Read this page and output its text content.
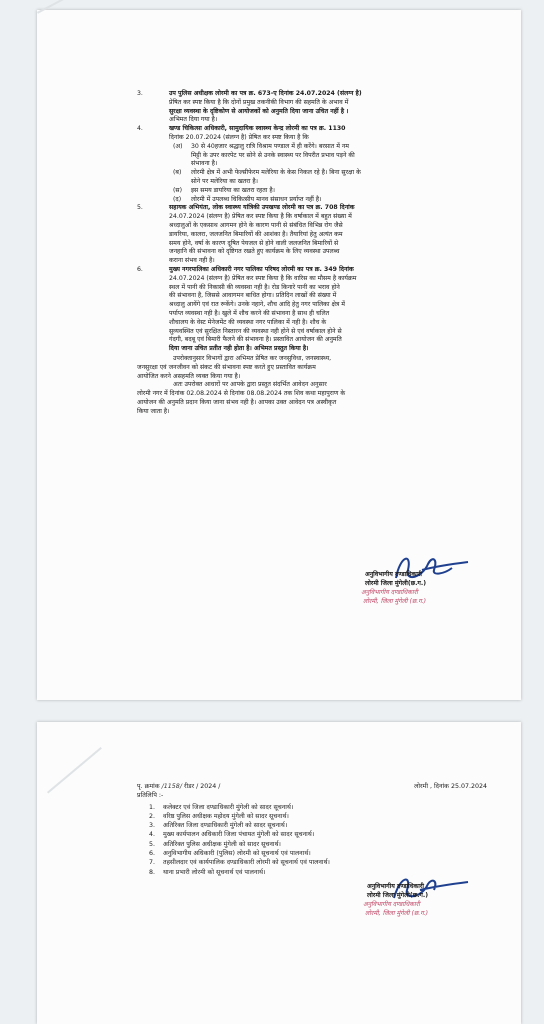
3.	उप पुलिस अधीक्षक लोरमी का पत्र क्र. 673-ए दिनांक 24.07.2024 (संलग्न है)
प्रेषित कर स्पष्ट किया है कि दोनों प्रमुख तकनीकी विभाग की सहमति के अभाव में
सुरक्षा व्यवस्था के दृष्टिकोण से आयोजकों को अनुमति दिया जाना उचित नहीं है ।
अभिमत दिया गया है।
4.	खण्ड चिकित्सा अधिकारी, सामुदायिक स्वास्थ्य केन्द्र लोरमी का पत्र क्र. 1130
दिनांक 20.07.2024 (संलग्न है) प्रेषित कर स्पष्ट किया है कि
(अ) 30 से 40हजार श्रद्धालु रात्रि विश्राम पण्डाल में ही करेंगे। बरसात में नम
मिट्टी के उपर कारपेट पर सोने से उनके स्वास्थ्य पर विपरीत प्रभाव पड़ने की
संभावना है।
(ब) लोरमी क्षेत्र में अभी फेल्सीफेरम मलेरिया के केस निकल रहे है। बिना सुरक्षा के
सोने पर मलेरिया का खतरा है।
(स) इस समय डायरिया का खतरा रहता है।
(द) लोरमी में उपलब्ध चिकित्सीय मानव संसाधन प्रर्याप्त नहीं है।
5.	सहायक अभियंता, लोक स्वास्थ्य यांत्रिकी उपखण्ड लोरमी का पत्र क्र. 708 दिनांक
24.07.2024 (संलग्न है) प्रेषित कर स्पष्ट किया है कि वर्षाकाल में बहुत संख्या में
श्रध्दालुओं के एकसाथ आगमन होने के कारण पानी से संबंधित विभिन्न रोग जैसे
डायरिया, कालरा, जलजनित बिमारियों की आशंका है। तैयारियां हेतु अत्यंत कम
समय होने, वर्षा के कारण दूषित पेयजल से होने वाली जलजनित बिमारियों से
जनहानि की संभावना को दृष्टिगत रखते हुए कार्यक्रम के लिए व्यवस्था उपलब्ध
कराना संभव नही है।
6.	मुख्य नगरपालिका अधिकारी नगर पालिका परिषद लोरमी का पत्र क्र. 349 दिनांक
24.07.2024 (संलग्न है) प्रेषित कर स्पष्ट किया है कि वारिस का मौसम है कार्यक्रम
स्थल में पानी की निकासी की व्यवस्था नही है। रोड किनारे पानी का भराव होने
की संभावना है, जिससे आवागमन बाधित होगा। प्रतिदिन लाखों की संख्या में
श्रध्दालु आयेंगे एवं रात रूकेंगे। उनके नहाने, शौच आदि हेतु नगर पालिका क्षेत्र में
पर्याप्त व्यवस्था नही है। खुले में शौच करने की संभावना है साथ ही चलित
शौचालय के वेस्ट मेनेजमेंट की व्यवस्था नगर पालिका में नही है। शौच के
सुव्यवस्थित एवं सुरक्षित निस्तारन की व्यवस्था नही होने से एवं वर्षाकाल होने से
गंदगी, बदबू एवं बिमारी फैलने की संभावना है। प्रस्तावित आयोजन की अनुमति
दिया जाना उचित प्रतीत नही होता है। अभिमत प्रस्तुत किया है।
उपरोक्तानुसार विभागों द्वारा अभिमत प्रेषित कर जनसुविधा, जनस्वास्थ्य,
जनसुरक्षा एवं जनजीवन को संकट की संभावना स्पष्ट करते हुए प्रस्तावित कार्यक्रम
आयोजित करने असहमति व्यक्त किया गया है।
अतः उपरोक्त आधारों पर आपके द्वारा प्रस्तुत संदर्भित आवेदन अनुसार
लोरमी नगर में दिनांक 02.08.2024 से दिनांक 08.08.2024 तक शिव कथा महापुराण के
आयोजन की अनुमति प्रदान किया जाना संभव नही है। आपका उक्त आवेदन पत्र अस्वीकृत
किया जाता है।
अनुविभागीय दण्डाधिकारी
लोरमी जिला मुंगेली(छ.ग.)
अनुविभागीय दण्डाधिकारी
लोरमी, जिला मुंगेली (छ.ग.)
पृ. क्रमांक /1158/ रीडर / 2024 /	लोरमी , दिनांक 25.07.2024
प्रतिलिपि :-
1. कलेक्टर एवं जिला दण्डाधिकारी मुंगेली को सादर सूचनार्थ।
2. वरिष्ठ पुलिस अधीक्षक महोदय मुंगेली को सादर सूचनार्थ।
3. अतिरिक्त जिला दण्डाधिकारी मुंगेली को सादर सूचनार्थ।
4. मुख्य कार्यपालन अधिकारी जिला पंचायत मुंगेली को सादर सूचनार्थ।
5. अतिरिक्त पुलिस अधीक्षक मुंगेली को सादर सूचनार्थ।
6. अनुविभागीय अधिकारी (पुलिस) लोरमी को सूचनार्थ एवं पालनार्थ।
7. तहसीलदार एवं कार्यपालिक दण्डाधिकारी लोरमी को सूचनार्थ एवं पालनार्थ।
8. थाना प्रभारी लोरमी को सूचनार्थ एवं पालनार्थ।
अनुविभागीय दण्डाधिकारी
लोरमी जिला मुंगेली(छ.ग.)
अनुविभागीय दण्डाधिकारी
लोरमी, जिला मुंगेली (छ.ग.)
